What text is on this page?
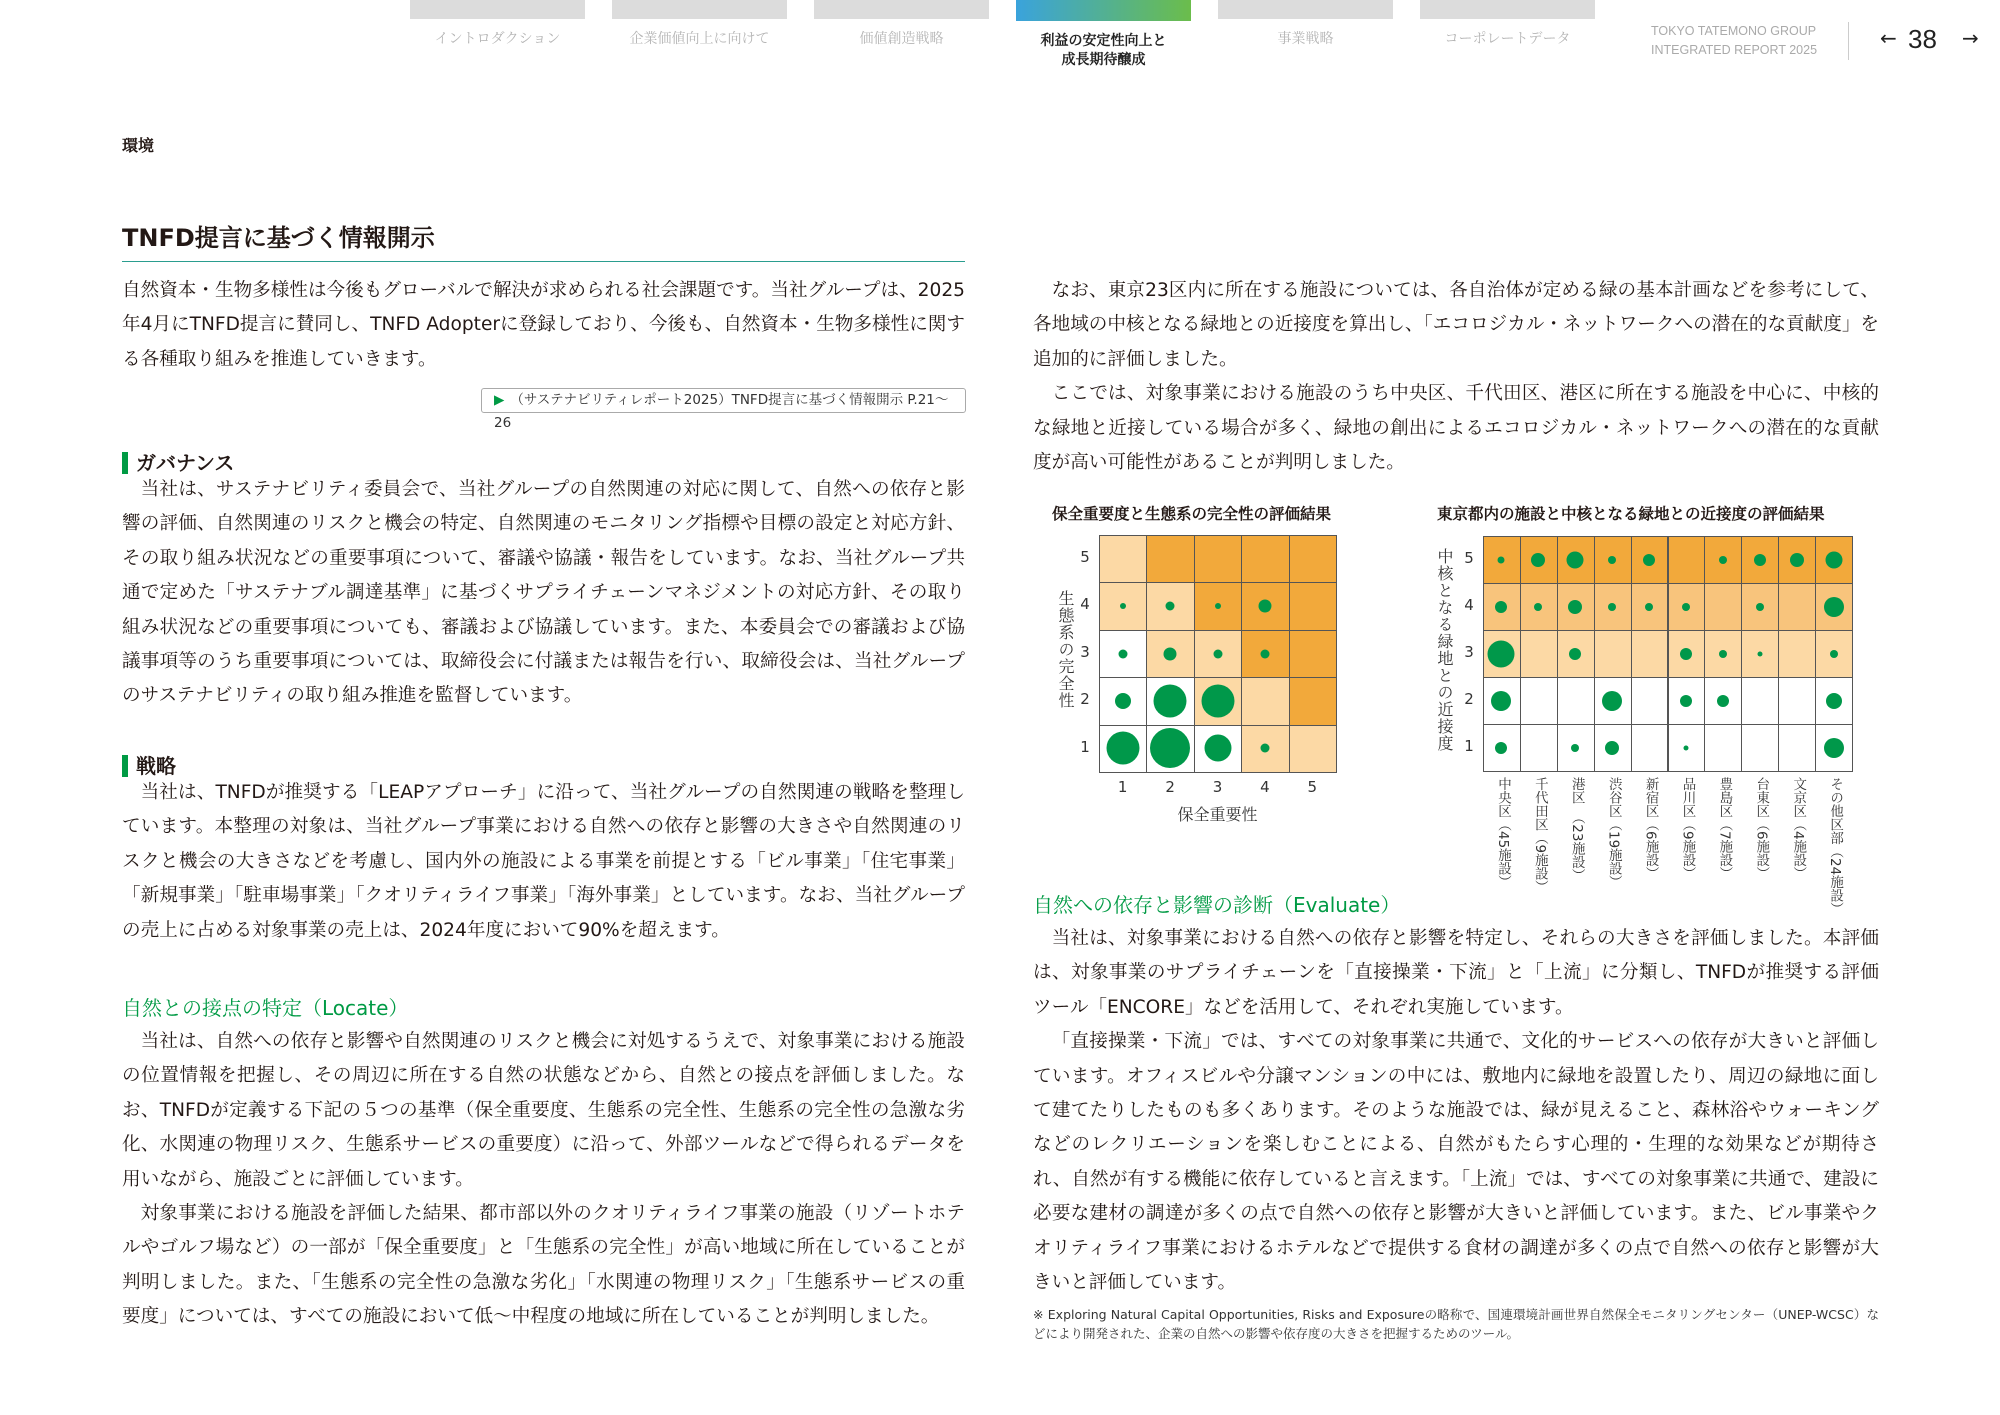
イントロダクション	企業価値向上に向けて	価値創造戦略	利益の安定性向上と
成長期待醸成
事業戦略	コーポレートデータ	TOKYO TATEMONO GROUP
INTEGRATED REPORT 2025	← 38 →
環境
TNFD提言に基づく情報開示

自然資本・生物多様性は今後もグローバルで解決が求められる社会課題です。当社グループは、2025年4月にTNFD提言に賛同し、TNFD Adopterに登録しており、今後も、自然資本・生物多様性に関する各種取り組みを推進していきます。

▶ （サステナビリティレポート2025）TNFD提言に基づく情報開示 P.21～26
ガバナンス

当社は、サステナビリティ委員会で、当社グループの自然関連の対応に関して、自然への依存と影響の評価、自然関連のリスクと機会の特定、自然関連のモニタリング指標や目標の設定と対応方針、その取り組み状況などの重要事項について、審議や協議・報告をしています。なお、当社グループ共通で定めた「サステナブル調達基準」に基づくサプライチェーンマネジメントの対応方針、その取り組み状況などの重要事項についても、審議および協議しています。また、本委員会での審議および協議事項等のうち重要事項については、取締役会に付議または報告を行い、取締役会は、当社グループのサステナビリティの取り組み推進を監督しています。

戦略

当社は、TNFDが推奨する「LEAPアプローチ」に沿って、当社グループの自然関連の戦略を整理しています。本整理の対象は、当社グループ事業における自然への依存と影響の大きさや自然関連のリスクと機会の大きさなどを考慮し、国内外の施設による事業を前提とする「ビル事業」「住宅事業」「新規事業」「駐車場事業」「クオリティライフ事業」「海外事業」としています。なお、当社グループの売上に占める対象事業の売上は、2024年度において90%を超えます。

自然との接点の特定（Locate）

当社は、自然への依存と影響や自然関連のリスクと機会に対処するうえで、対象事業における施設の位置情報を把握し、その周辺に所在する自然の状態などから、自然との接点を評価しました。なお、TNFDが定義する下記の５つの基準（保全重要度、生態系の完全性、生態系の完全性の急激な劣化、水関連の物理リスク、生態系サービスの重要度）に沿って、外部ツールなどで得られるデータを用いながら、施設ごとに評価しています。

対象事業における施設を評価した結果、都市部以外のクオリティライフ事業の施設（リゾートホテルやゴルフ場など）の一部が「保全重要度」と「生態系の完全性」が高い地域に所在していることが判明しました。また、「生態系の完全性の急激な劣化」「水関連の物理リスク」「生態系サービスの重要度」については、すべての施設において低～中程度の地域に所在していることが判明しました。

なお、東京23区内に所在する施設については、各自治体が定める緑の基本計画などを参考にして、各地域の中核となる緑地との近接度を算出し、「エコロジカル・ネットワークへの潜在的な貢献度」を追加的に評価しました。

ここでは、対象事業における施設のうち中央区、千代田区、港区に所在する施設を中心に、中核的な緑地と近接している場合が多く、緑地の創出によるエコロジカル・ネットワークへの潜在的な貢献度が高い可能性があることが判明しました。

保全重要度と生態系の完全性の評価結果
生態系の完全性
5
4
3
2
1
1	2	3	4	5
保全重要性
東京都内の施設と中核となる緑地との近接度の評価結果
中核となる緑地との近接度 5
4
3
2
1
中央区（45施設） 千代田区（9施設） 港区　（23施設） 渋谷区（19施設） 新宿区（6施設） 品川区（9施設） 豊島区（7施設） 台東区（6施設） 文京区（4施設） その他区部（24施設）
自然への依存と影響の診断（Evaluate）

当社は、対象事業における自然への依存と影響を特定し、それらの大きさを評価しました。本評価は、対象事業のサプライチェーンを「直接操業・下流」と「上流」に分類し、TNFDが推奨する評価ツール「ENCORE」などを活用して、それぞれ実施しています。

「直接操業・下流」では、すべての対象事業に共通で、文化的サービスへの依存が大きいと評価しています。オフィスビルや分譲マンションの中には、敷地内に緑地を設置したり、周辺の緑地に面して建てたりしたものも多くあります。そのような施設では、緑が見えること、森林浴やウォーキングなどのレクリエーションを楽しむことによる、自然がもたらす心理的・生理的な効果などが期待され、自然が有する機能に依存していると言えます。「上流」では、すべての対象事業に共通で、建設に必要な建材の調達が多くの点で自然への依存と影響が大きいと評価しています。また、ビル事業やクオリティライフ事業におけるホテルなどで提供する食材の調達が多くの点で自然への依存と影響が大きいと評価しています。

※ Exploring Natural Capital Opportunities, Risks and Exposureの略称で、国連環境計画世界自然保全モニタリングセンター（UNEP-WCSC）などにより開発された、企業の自然への影響や依存度の大きさを把握するためのツール。
